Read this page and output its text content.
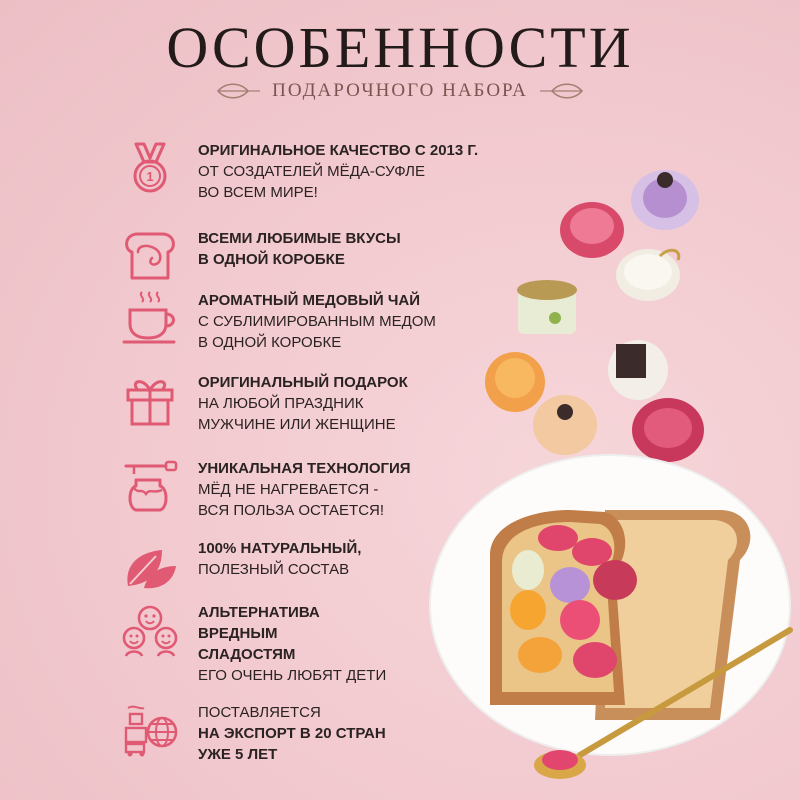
ОСОБЕННОСТИ
ПОДАРОЧНОГО НАБОРА
1
ОРИГИНАЛЬНОЕ КАЧЕСТВО С 2013 Г.
ОТ СОЗДАТЕЛЕЙ МЁДА-СУФЛЕ
ВО ВСЕМ МИРЕ!
ВСЕМИ ЛЮБИМЫЕ ВКУСЫ
В ОДНОЙ КОРОБКЕ
АРОМАТНЫЙ МЕДОВЫЙ ЧАЙ
С СУБЛИМИРОВАННЫМ МЕДОМ
В ОДНОЙ КОРОБКЕ
ОРИГИНАЛЬНЫЙ ПОДАРОК
НА ЛЮБОЙ ПРАЗДНИК
МУЖЧИНЕ ИЛИ ЖЕНЩИНЕ
УНИКАЛЬНАЯ ТЕХНОЛОГИЯ
МЁД НЕ НАГРЕВАЕТСЯ -
ВСЯ ПОЛЬЗА ОСТАЕТСЯ!
100% НАТУРАЛЬНЫЙ,
ПОЛЕЗНЫЙ СОСТАВ
АЛЬТЕРНАТИВА
ВРЕДНЫМ
СЛАДОСТЯМ
ЕГО ОЧЕНЬ ЛЮБЯТ ДЕТИ
ПОСТАВЛЯЕТСЯ
НА ЭКСПОРТ В 20 СТРАН
УЖЕ 5 ЛЕТ
